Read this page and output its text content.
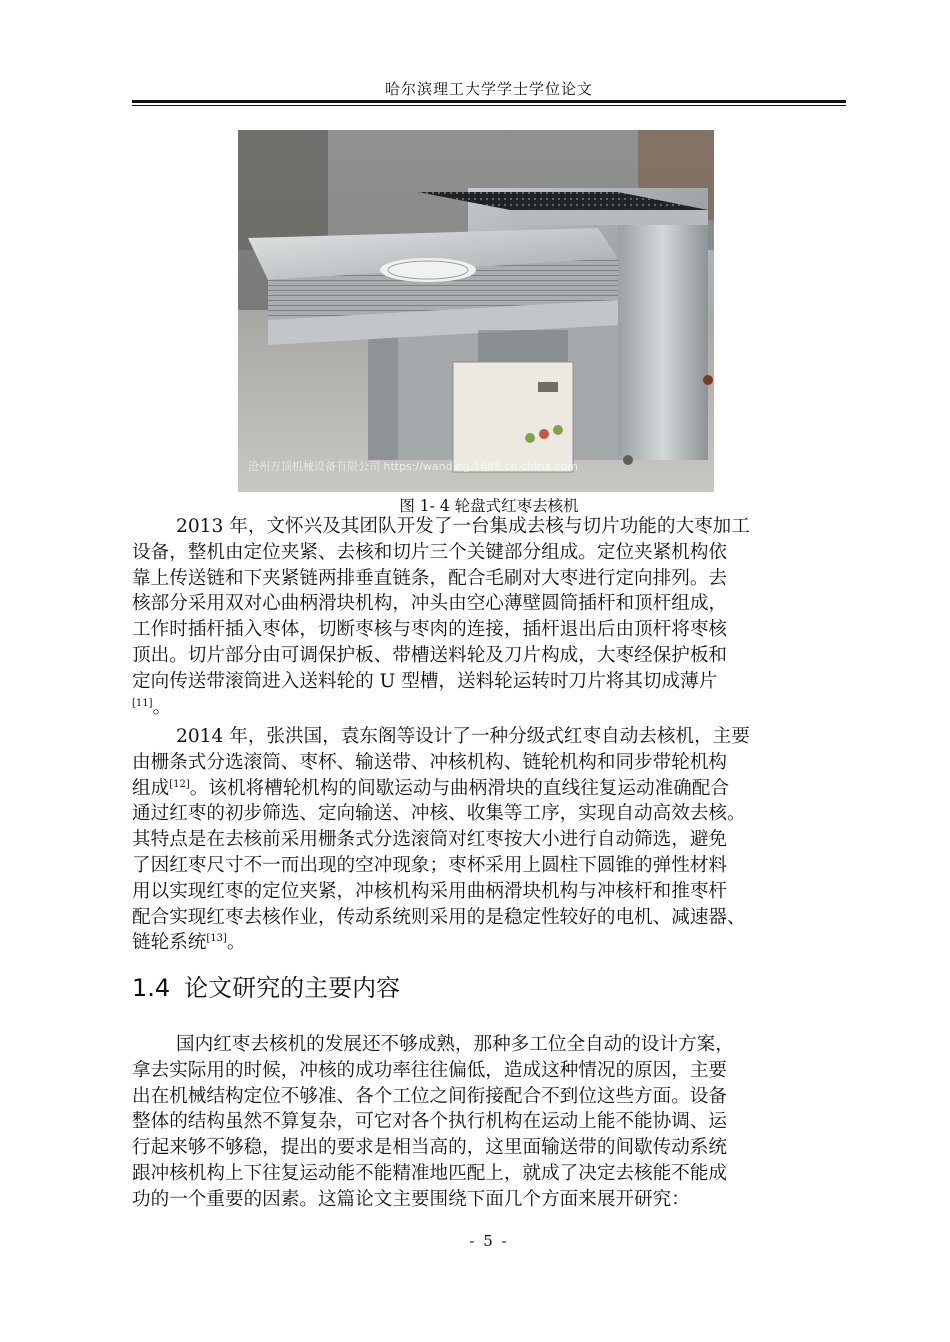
哈尔滨理工大学学士学位论文
沧州万顶机械设备有限公司 https://wanding.1688.cn.china.com
图 1- 4 轮盘式红枣去核机
2013 年，文怀兴及其团队开发了一台集成去核与切片功能的大枣加工
设备，整机由定位夹紧、去核和切片三个关键部分组成。定位夹紧机构依
靠上传送链和下夹紧链两排垂直链条，配合毛刷对大枣进行定向排列。去
核部分采用双对心曲柄滑块机构，冲头由空心薄壁圆筒插杆和顶杆组成，
工作时插杆插入枣体，切断枣核与枣肉的连接，插杆退出后由顶杆将枣核
顶出。切片部分由可调保护板、带槽送料轮及刀片构成，大枣经保护板和
定向传送带滚筒进入送料轮的 U 型槽，送料轮运转时刀片将其切成薄片
[11]。
2014 年，张洪国，袁东阁等设计了一种分级式红枣自动去核机，主要
由栅条式分选滚筒、枣杯、输送带、冲核机构、链轮机构和同步带轮机构
组成[12]。该机将槽轮机构的间歇运动与曲柄滑块的直线往复运动准确配合
通过红枣的初步筛选、定向输送、冲核、收集等工序，实现自动高效去核。
其特点是在去核前采用栅条式分选滚筒对红枣按大小进行自动筛选，避免
了因红枣尺寸不一而出现的空冲现象；枣杯采用上圆柱下圆锥的弹性材料
用以实现红枣的定位夹紧，冲核机构采用曲柄滑块机构与冲核杆和推枣杆
配合实现红枣去核作业，传动系统则采用的是稳定性较好的电机、减速器、
链轮系统[13]。
1.4 论文研究的主要内容
国内红枣去核机的发展还不够成熟，那种多工位全自动的设计方案，
拿去实际用的时候，冲核的成功率往往偏低，造成这种情况的原因，主要
出在机械结构定位不够准、各个工位之间衔接配合不到位这些方面。设备
整体的结构虽然不算复杂，可它对各个执行机构在运动上能不能协调、运
行起来够不够稳，提出的要求是相当高的，这里面输送带的间歇传动系统
跟冲核机构上下往复运动能不能精准地匹配上，就成了决定去核能不能成
功的一个重要的因素。这篇论文主要围绕下面几个方面来展开研究：
- 5 -
